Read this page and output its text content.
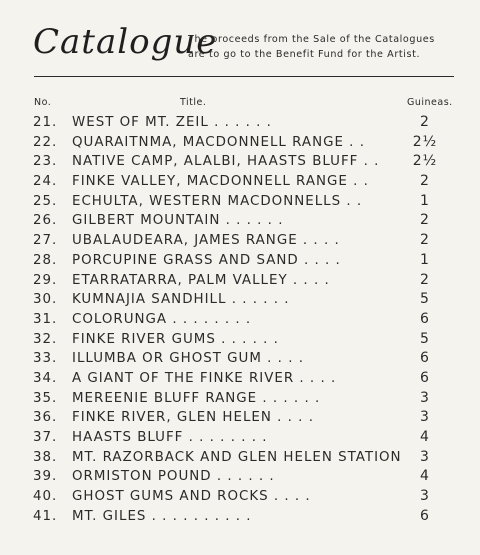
Catalogue
The proceeds from the Sale of the Catalogues
are to go to the Benefit Fund for the Artist.
No.	Title.	Guineas.
21. WEST OF MT. ZEIL . . . . . .	2
22. QUARAITNMA, MACDONNELL RANGE . .	2½
23. NATIVE CAMP, ALALBI, HAASTS BLUFF . . 2½
24. FINKE VALLEY, MACDONNELL RANGE . .	2
25. ECHULTA, WESTERN MACDONNELLS . .	1
26. GILBERT MOUNTAIN . . . . . .	2
27. UBALAUDEARA, JAMES RANGE . . . .	2
28. PORCUPINE GRASS AND SAND . . . .	1
29. ETARRATARRA, PALM VALLEY . . . .	2
30. KUMNAJIA SANDHILL . . . . . .	5
31. COLORUNGA . . . . . . . .	6
32. FINKE RIVER GUMS . . . . . .	5
33. ILLUMBA OR GHOST GUM . . . .	6
34. A GIANT OF THE FINKE RIVER . . . .	6
35. MEREENIE BLUFF RANGE . . . . . .	3
36. FINKE RIVER, GLEN HELEN . . . .	3
37. HAASTS BLUFF . . . . . . . .	4
38. MT. RAZORBACK AND GLEN HELEN STATION	3
39. ORMISTON POUND . . . . . .	4
40. GHOST GUMS AND ROCKS . . . .	3
41. MT. GILES . . . . . . . . . .	6
